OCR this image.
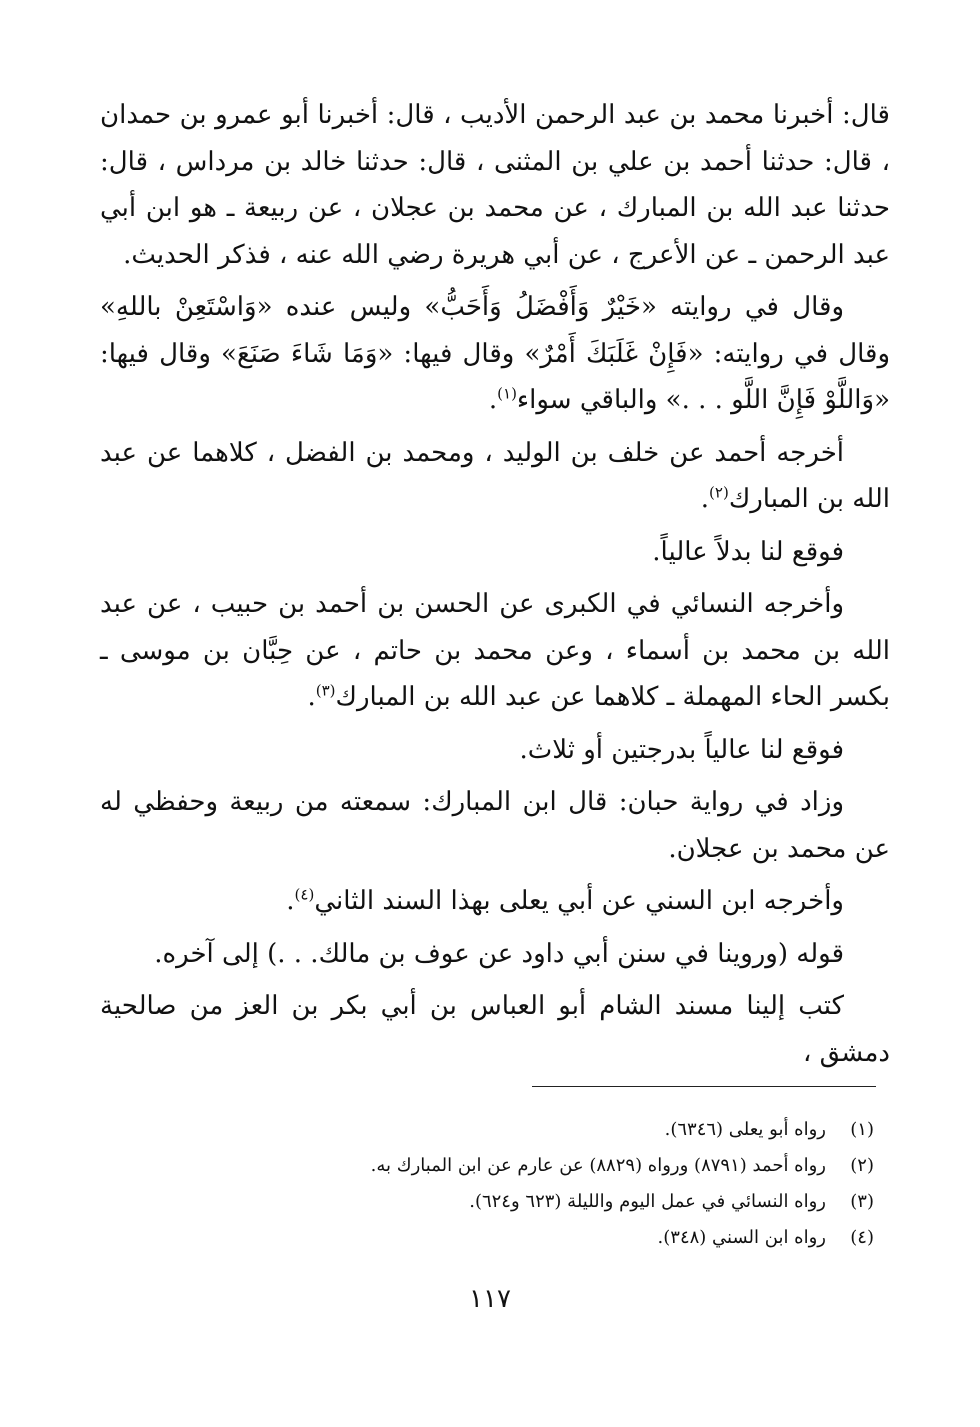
قال: أخبرنا محمد بن عبد الرحمن الأديب ، قال: أخبرنا أبو عمرو بن حمدان ، قال: حدثنا أحمد بن علي بن المثنى ، قال: حدثنا خالد بن مرداس ، قال: حدثنا عبد الله بن المبارك ، عن محمد بن عجلان ، عن ربيعة ـ هو ابن أبي عبد الرحمن ـ عن الأعرج ، عن أبي هريرة رضي الله عنه ، فذكر الحديث.

وقال في روايته «خَيْرٌ وَأَفْضَلُ وَأَحَبُّ» وليس عنده «وَاسْتَعِنْ باللهِ» وقال في روايته: «فَإِنْ غَلَبَكَ أَمْرٌ» وقال فيها: «وَمَا شَاءَ صَنَعَ» وقال فيها: «وَاللَّوْ فَإِنَّ اللَّو . . .» والباقي سواء$^{(١)}$.

أخرجه أحمد عن خلف بن الوليد ، ومحمد بن الفضل ، كلاهما عن عبد الله بن المبارك$^{(٢)}$.

فوقع لنا بدلاً عالياً.

وأخرجه النسائي في الكبرى عن الحسن بن أحمد بن حبيب ، عن عبد الله بن محمد بن أسماء ، وعن محمد بن حاتم ، عن حِبَّان بن موسى ـ بكسر الحاء المهملة ـ كلاهما عن عبد الله بن المبارك$^{(٣)}$.

فوقع لنا عالياً بدرجتين أو ثلاث.

وزاد في رواية حبان: قال ابن المبارك: سمعته من ربيعة وحفظي له عن محمد بن عجلان.

وأخرجه ابن السني عن أبي يعلى بهذا السند الثاني$^{(٤)}$.

قوله (وروينا في سنن أبي داود عن عوف بن مالك. . .) إلى آخره.

كتب إلينا مسند الشام أبو العباس بن أبي بكر بن العز من صالحية دمشق ،

(١)
رواه أبو يعلى (٦٣٤٦).
(٢)
رواه أحمد (٨٧٩١) ورواه (٨٨٢٩) عن عارم عن ابن المبارك به.
(٣)
رواه النسائي في عمل اليوم والليلة (٦٢٣ و٦٢٤).
(٤)
رواه ابن السني (٣٤٨).
١١٧
